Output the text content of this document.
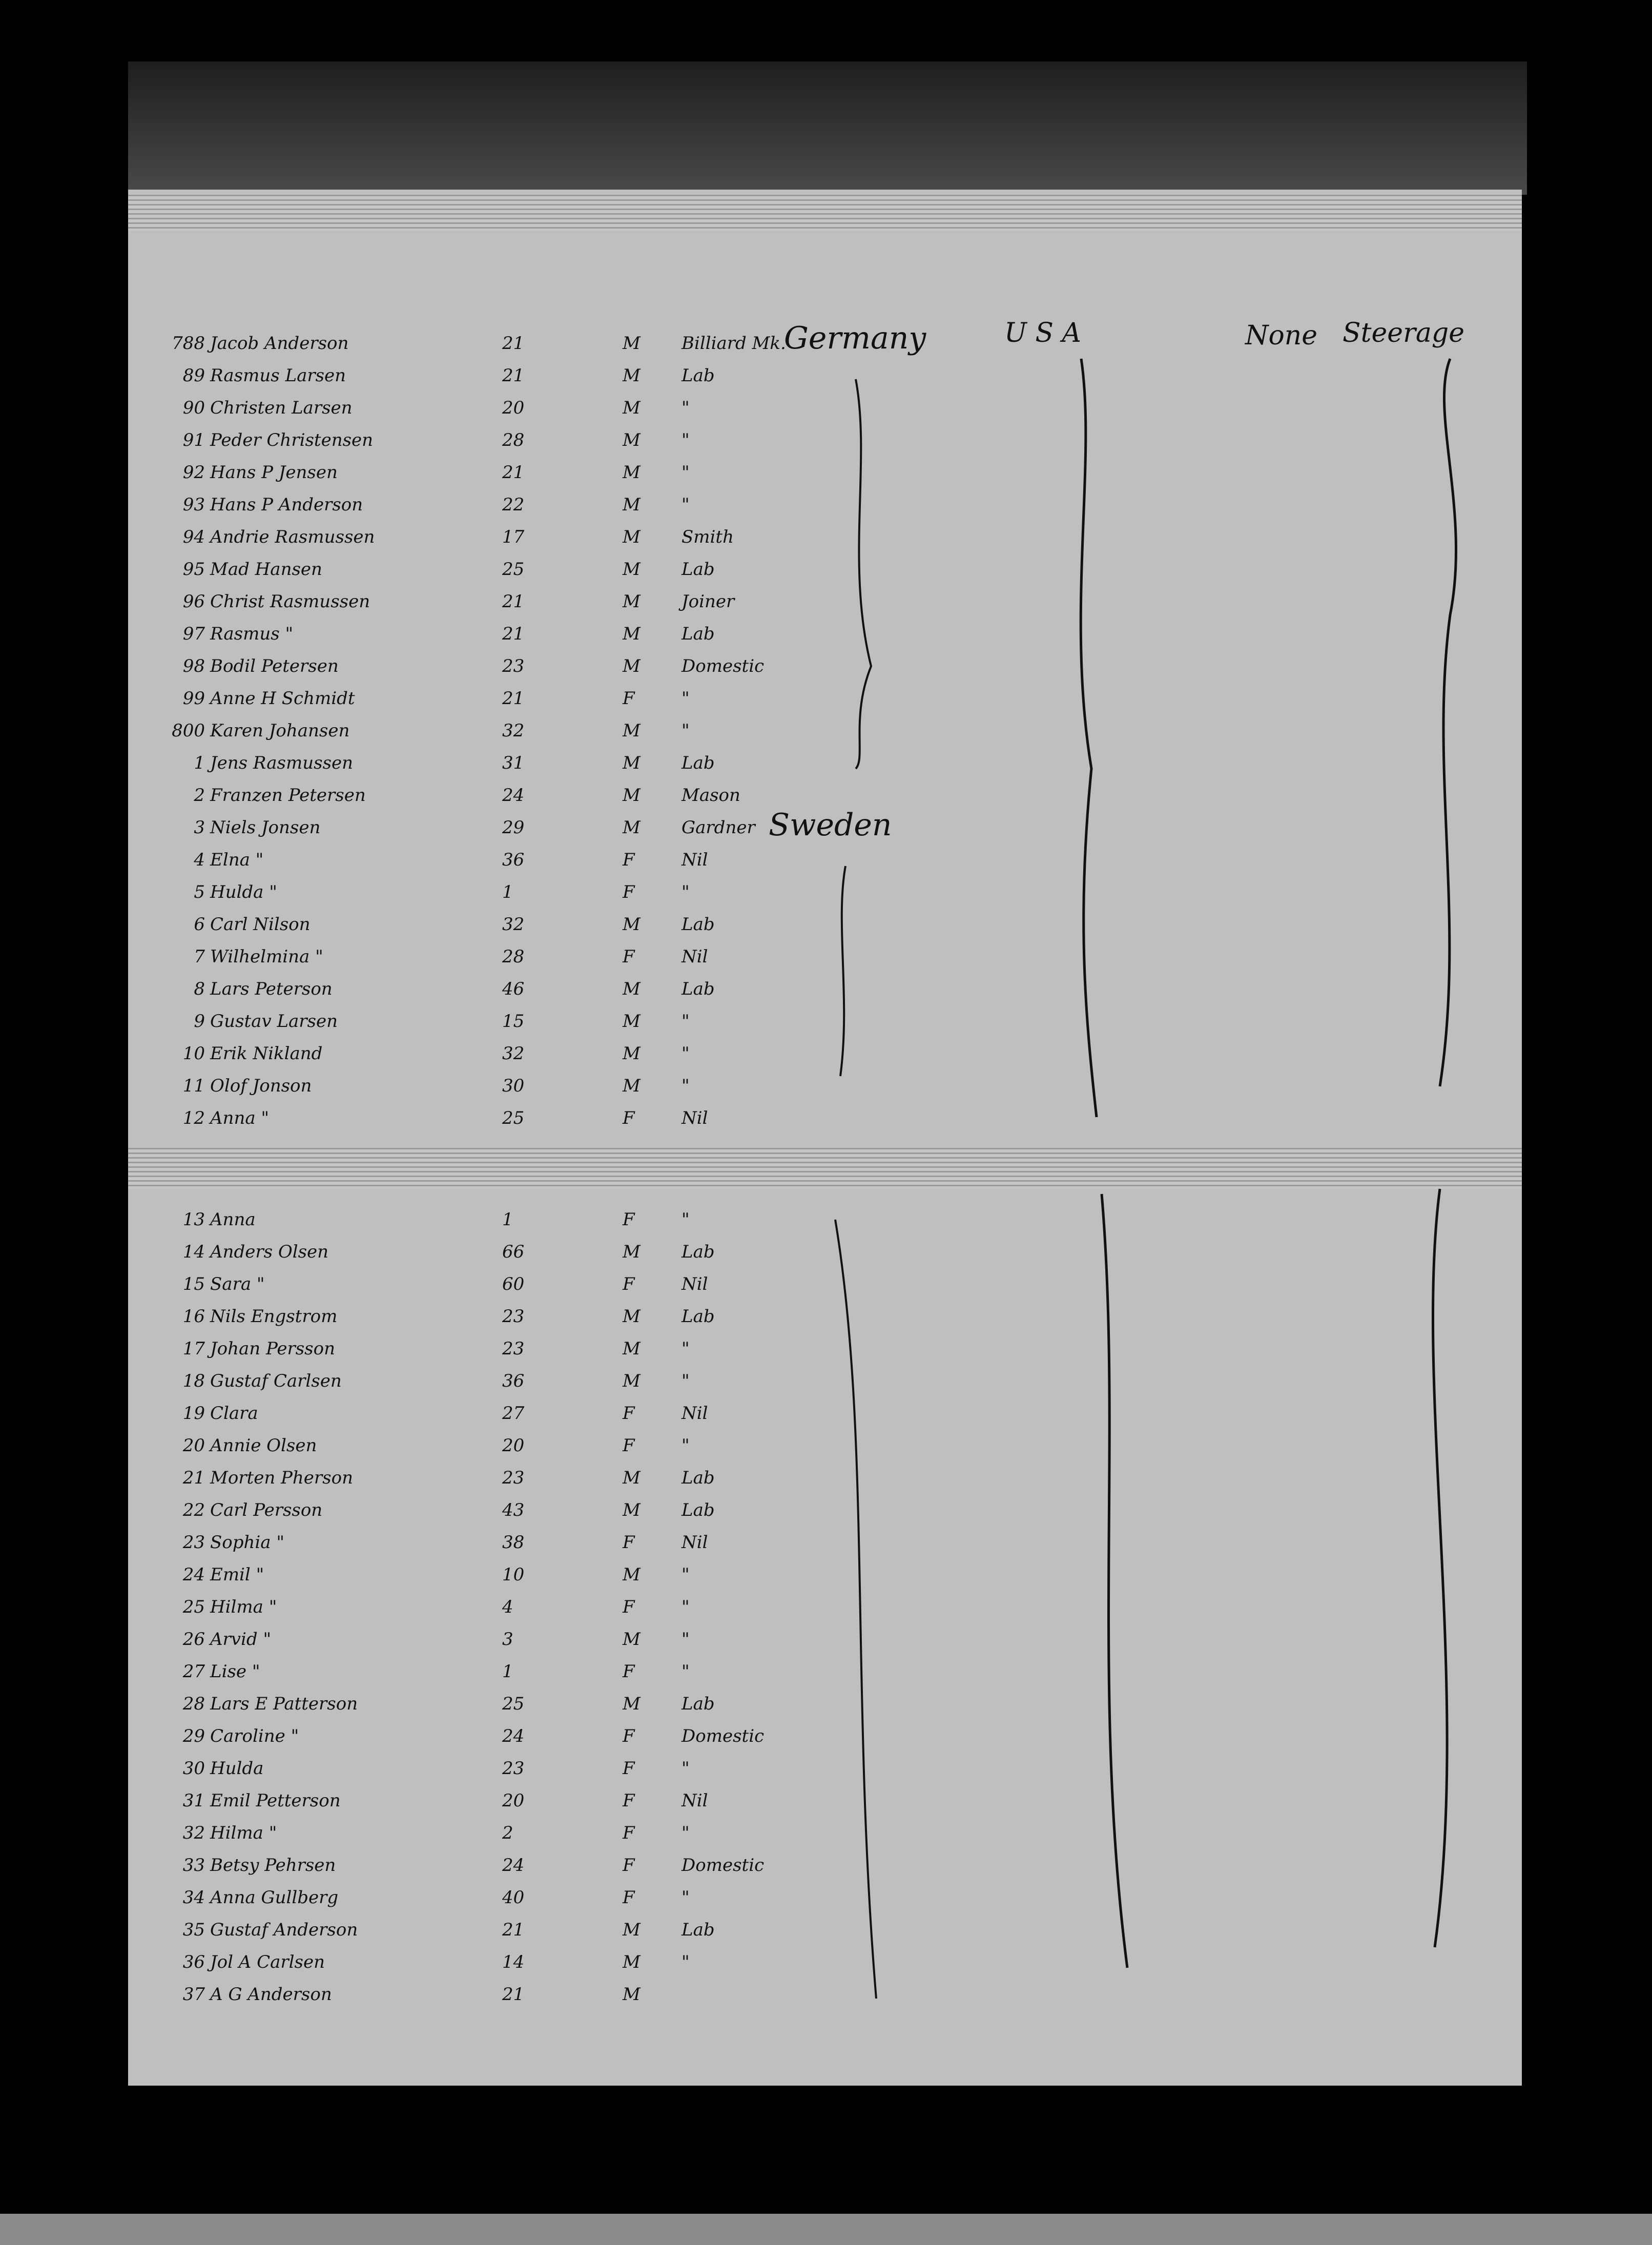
Germany
Sweden
U S A	None Steerage
788 Jacob Anderson	21	M Billiard Mk.
89 Rasmus Larsen	21	M Lab
90 Christen Larsen	20	M "
91 Peder Christensen	28	M "
92 Hans P Jensen	21	M "
93 Hans P Anderson	22	M "
94 Andrie Rasmussen	17	M Smith
95 Mad Hansen	25	M Lab
96 Christ Rasmussen	21	M Joiner
97 Rasmus "	21	M Lab
98 Bodil Petersen	23	M Domestic
99 Anne H Schmidt	21	F	"
800 Karen Johansen	32	M "
1 Jens Rasmussen	31	M Lab
2 Franzen Petersen	24	M Mason
3 Niels Jonsen	29	M Gardner
4 Elna "	36	F	Nil
5 Hulda "	1	F	"
6 Carl Nilson	32	M Lab
7 Wilhelmina "	28	F	Nil
8 Lars Peterson	46	M Lab
9 Gustav Larsen	15	M "
10 Erik Nikland	32	M "
11 Olof Jonson	30	M "
12 Anna "	25	F	Nil
13 Anna	1	F	"
14 Anders Olsen	66	M Lab
15 Sara "	60	F	Nil
16 Nils Engstrom	23	M Lab
17 Johan Persson	23	M "
18 Gustaf Carlsen	36	M "
19 Clara	27	F	Nil
20 Annie Olsen	20	F	"
21 Morten Pherson	23	M Lab
22 Carl Persson	43	M Lab
23 Sophia "	38	F	Nil
24 Emil "	10	M "
25 Hilma "	4	F	"
26 Arvid "	3	M "
27 Lise "	1	F	"
28 Lars E Patterson	25	M Lab
29 Caroline "	24	F	Domestic
30 Hulda	23	F	"
31 Emil Petterson	20	F	Nil
32 Hilma "	2	F	"
33 Betsy Pehrsen	24	F	Domestic
34 Anna Gullberg	40	F	"
35 Gustaf Anderson	21	M Lab
36 Jol A Carlsen	14	M "
37 A G Anderson	21	M
